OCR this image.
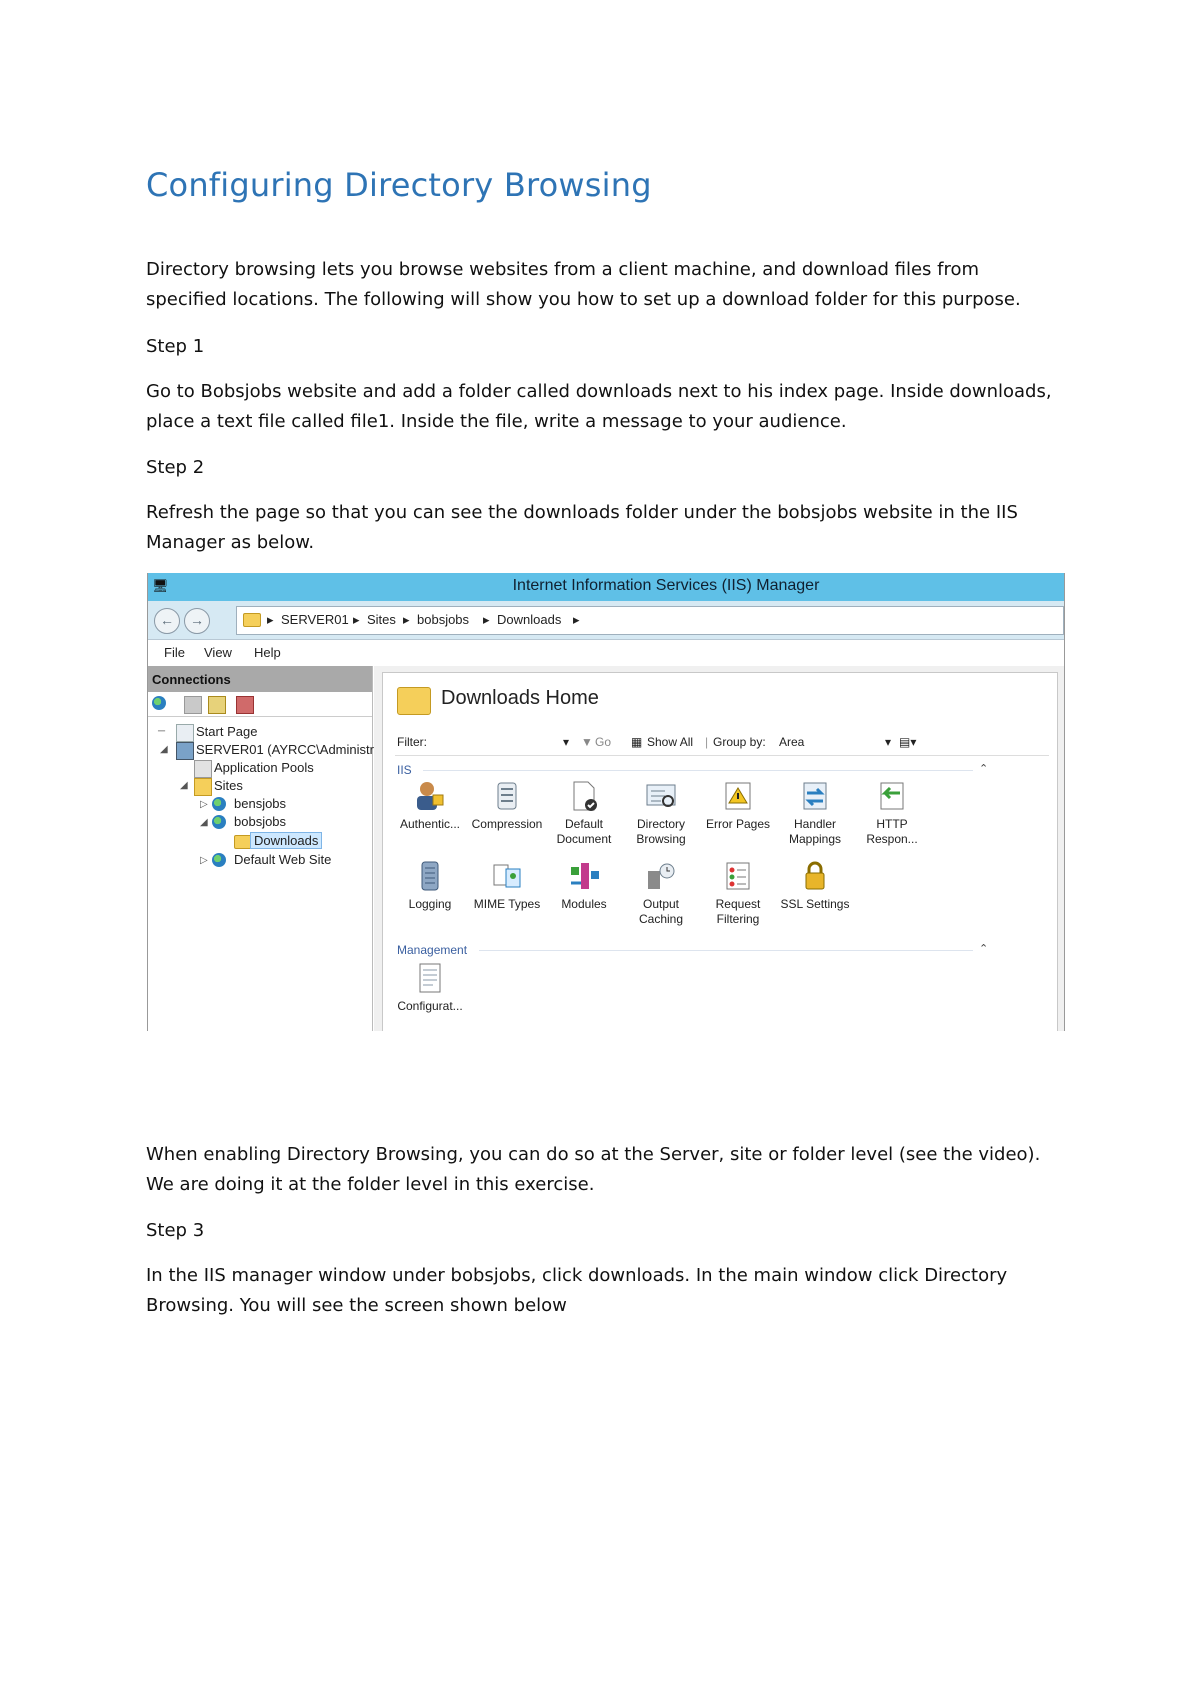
Configuring Directory Browsing

Directory browsing lets you browse websites from a client machine, and download files from

specified locations. The following will show you how to set up a download folder for this purpose.

Step 1

Go to Bobsjobs website and add a folder called downloads next to his index page. Inside downloads,

place a text file called file1. Inside the file, write a message to your audience.

Step 2

Refresh the page so that you can see the downloads folder under the bobsjobs website in the IIS

Manager as below.

When enabling Directory Browsing, you can do so at the Server, site or folder level (see the video).

We are doing it at the folder level in this exercise.

Step 3

In the IIS manager window under bobsjobs, click downloads. In the main window click Directory

Browsing. You will see the screen shown below

🖥	Internet Information Services (IIS) Manager
←	→	▸ SERVER01 ▸ Sites ▸ bobsjobs ▸ Downloads ▸
File View Help
Connections
─ Start Page
◢ SERVER01 (AYRCC\Administr
Application Pools
◢ Sites
▷ bensjobs
◢ bobsjobs
Downloads
▷ Default Web Site
Downloads Home
Filter:	▾ ▼ Go ▦ Show All | Group by: Area	▾ ▤▾
IIS	⌃
Authentic... Compression	Default
Document
Directory
Browsing
Error Pages	Handler
Mappings
HTTP
Respon...
Logging	MIME Types	Modules	Output
Caching
Request
Filtering
SSL Settings
Management	⌃
Configurat...
